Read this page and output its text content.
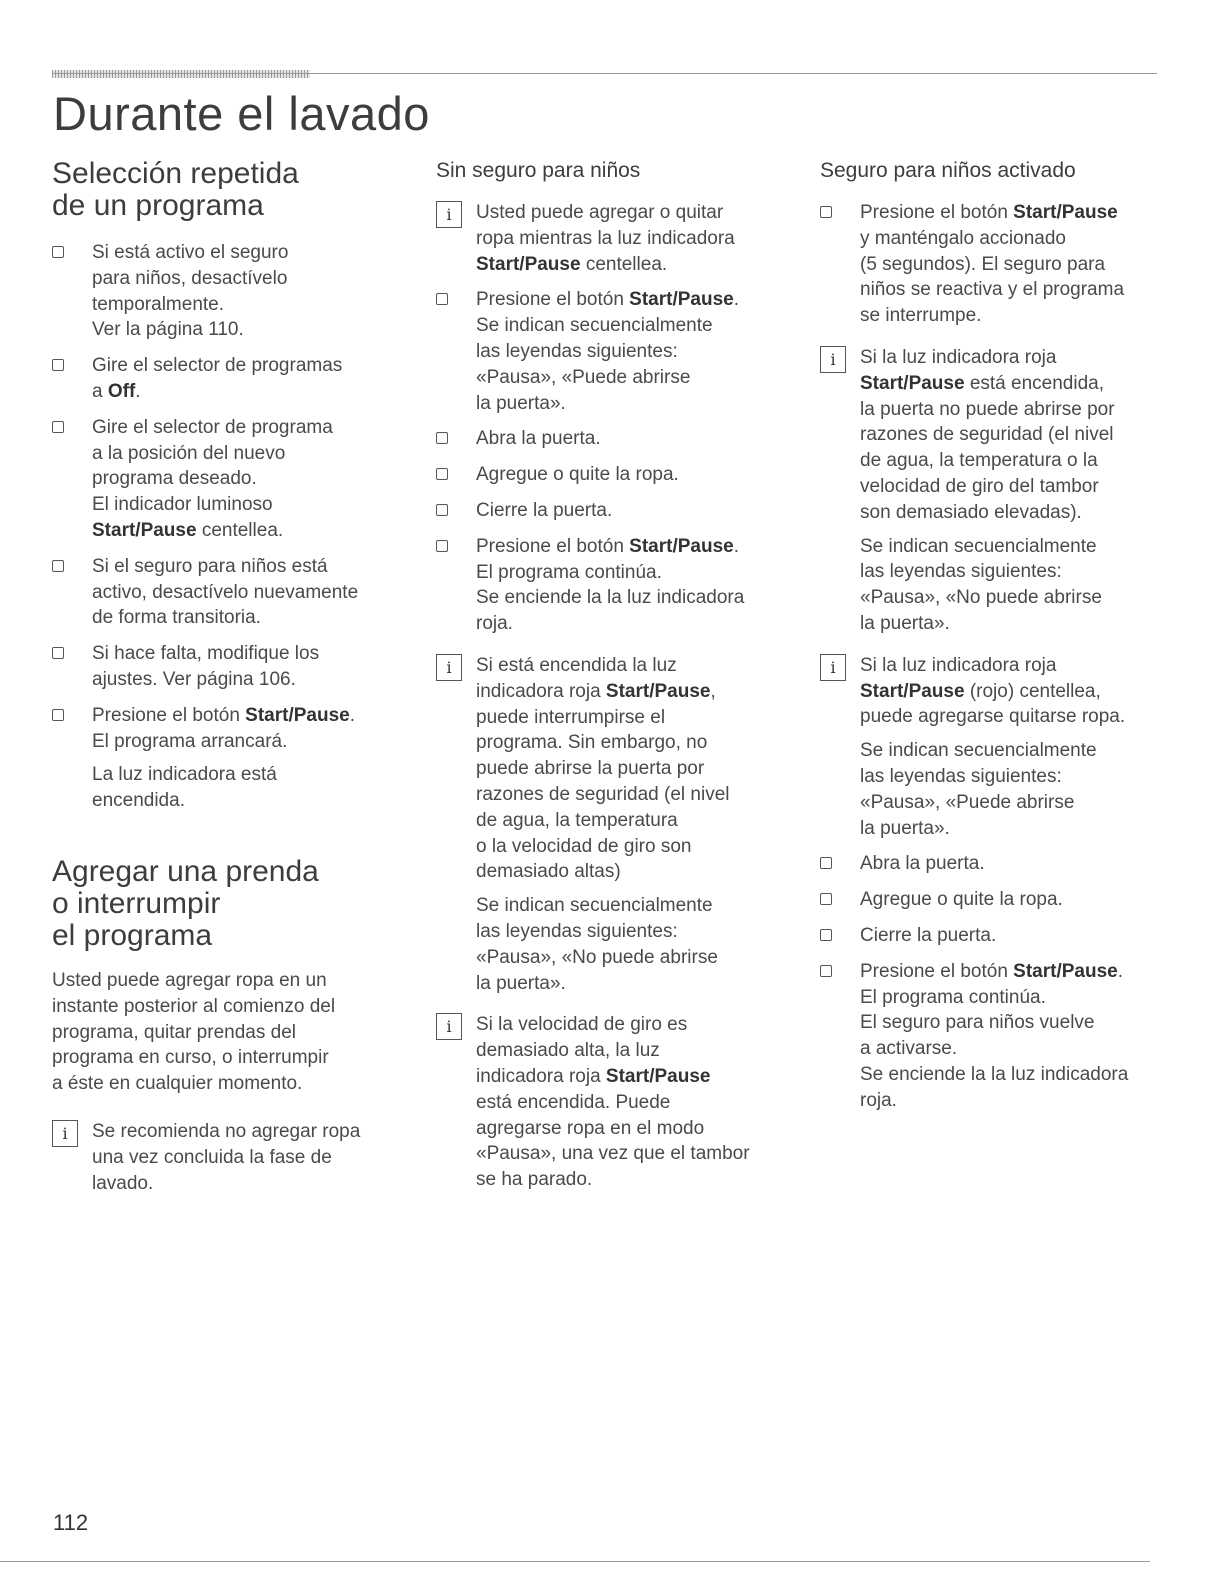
Durante el lavado
Selección repetida
de un programa

Si está activo el seguro

para niños, desactívelo

temporalmente.

Ver la página 110.

Gire el selector de programas

a Off.

Gire el selector de programa

a la posición del nuevo

programa deseado.

El indicador luminoso

Start/Pause centellea.

Si el seguro para niños está

activo, desactívelo nuevamente

de forma transitoria.

Si hace falta, modifique los

ajustes. Ver página 106.

Presione el botón Start/Pause.

El programa arrancará.

La luz indicadora está

encendida.

Agregar una prenda
o interrumpir
el programa
Usted puede agregar ropa en un
instante posterior al comienzo del
programa, quitar prendas del
programa en curso, o interrumpir
a éste en cualquier momento.
i	Se recomienda no agregar ropa

una vez concluida la fase de

lavado.

Sin seguro para niños
i	Usted puede agregar o quitar

ropa mientras la luz indicadora

Start/Pause centellea.

Presione el botón Start/Pause.

Se indican secuencialmente

las leyendas siguientes:

«Pausa», «Puede abrirse

la puerta».

Abra la puerta.

Agregue o quite la ropa.

Cierre la puerta.

Presione el botón Start/Pause.

El programa continúa.

Se enciende la la luz indicadora

roja.

i	Si está encendida la luz

indicadora roja Start/Pause,

puede interrumpirse el

programa. Sin embargo, no

puede abrirse la puerta por

razones de seguridad (el nivel

de agua, la temperatura

o la velocidad de giro son

demasiado altas)

Se indican secuencialmente

las leyendas siguientes:

«Pausa», «No puede abrirse

la puerta».

i	Si la velocidad de giro es

demasiado alta, la luz

indicadora roja Start/Pause

está encendida. Puede

agregarse ropa en el modo

«Pausa», una vez que el tambor

se ha parado.

Seguro para niños activado

Presione el botón Start/Pause

y manténgalo accionado

(5 segundos). El seguro para

niños se reactiva y el programa

se interrumpe.

i	Si la luz indicadora roja

Start/Pause está encendida,

la puerta no puede abrirse por

razones de seguridad (el nivel

de agua, la temperatura o la

velocidad de giro del tambor

son demasiado elevadas).

Se indican secuencialmente

las leyendas siguientes:

«Pausa», «No puede abrirse

la puerta».

i	Si la luz indicadora roja

Start/Pause (rojo) centellea,

puede agregarse quitarse ropa.

Se indican secuencialmente

las leyendas siguientes:

«Pausa», «Puede abrirse

la puerta».

Abra la puerta.

Agregue o quite la ropa.

Cierre la puerta.

Presione el botón Start/Pause.

El programa continúa.

El seguro para niños vuelve

a activarse.

Se enciende la la luz indicadora

roja.

112
